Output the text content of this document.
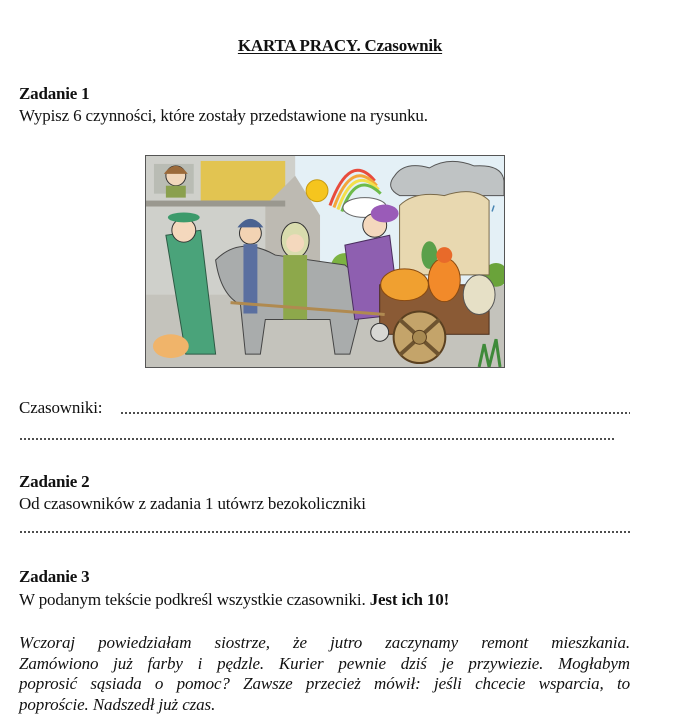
KARTA PRACY. Czasownik
Zadanie 1
Wypisz 6 czynności, które zostały przedstawione na rysunku.
Czasowniki:
Zadanie 2
Od czasowników z zadania 1 utówrz bezokoliczniki
Zadanie 3
W podanym tekście podkreśl wszystkie czasowniki. Jest ich 10!
Wczoraj powiedziałam siostrze, że jutro zaczynamy remont mieszkania.
Zamówiono już farby i pędzle. Kurier pewnie dziś je przywiezie. Mogłabym
poprosić sąsiada o pomoc? Zawsze przecież mówił: jeśli chcecie wsparcia, to
poproście. Nadszedł już czas.
